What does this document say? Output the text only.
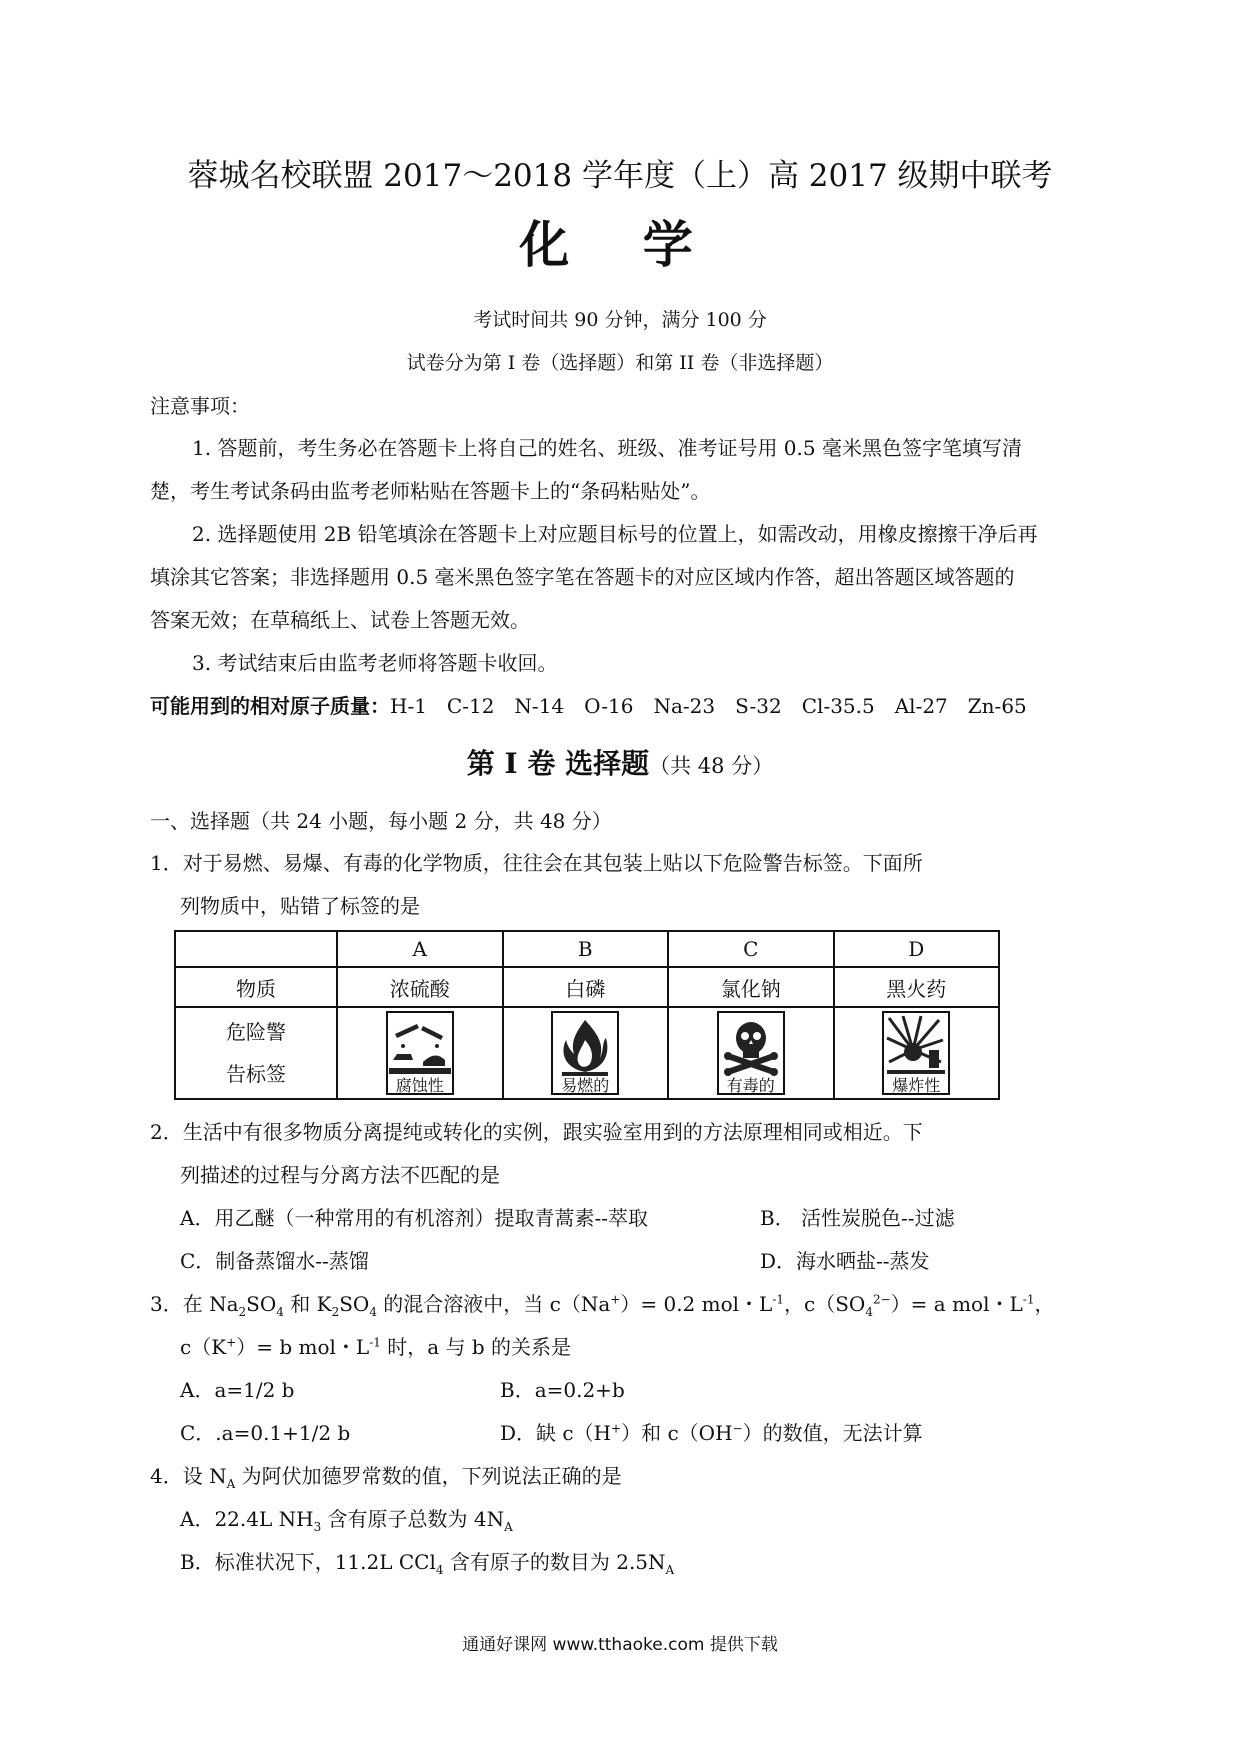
蓉城名校联盟 2017～2018 学年度（上）高 2017 级期中联考
化 学
考试时间共 90 分钟，满分 100 分
试卷分为第 I 卷（选择题）和第 II 卷（非选择题）
注意事项：
1. 答题前，考生务必在答题卡上将自己的姓名、班级、准考证号用 0.5 毫米黑色签字笔填写清
楚，考生考试条码由监考老师粘贴在答题卡上的“条码粘贴处”。
2. 选择题使用 2B 铅笔填涂在答题卡上对应题目标号的位置上，如需改动，用橡皮擦擦干净后再
填涂其它答案；非选择题用 0.5 毫米黑色签字笔在答题卡的对应区域内作答，超出答题区域答题的
答案无效；在草稿纸上、试卷上答题无效。
3. 考试结束后由监考老师将答题卡收回。
可能用到的相对原子质量：H-1　C-12　N-14　O-16　Na-23　S-32　Cl-35.5　Al-27　Zn-65
第 I 卷 选择题（共 48 分）
一、选择题（共 24 小题，每小题 2 分，共 48 分）
1．对于易燃、易爆、有毒的化学物质，往往会在其包装上贴以下危险警告标签。下面所
列物质中，贴错了标签的是
	A	B	C	D
物质	浓硫酸	白磷	氯化钠	黑火药

危险警
告标签	腐蚀性	易燃的	有毒的	爆炸性
2．生活中有很多物质分离提纯或转化的实例，跟实验室用到的方法原理相同或相近。下
列描述的过程与分离方法不匹配的是
A．用乙醚（一种常用的有机溶剂）提取青蒿素--萃取	B． 活性炭脱色--过滤
C．制备蒸馏水--蒸馏	D．海水晒盐--蒸发
3．在 $Na_2SO_4$ 和 $K_2SO_4$ 的混合溶液中，当 c（Na+）= 0.2 mol・$L^{-1}$，$c(SO_4^{2-})= a$ mol・$L^{-1}$，
c（K+）= b mol・$L^{-1}$ 时，a 与 b 的关系是
A．a=1/2 b	B．a=0.2+b
C．.a=0.1+1/2 b	D．缺 c（H+）和 c（OH−）的数值，无法计算
4．设 $N_A$ 为阿伏加德罗常数的值，下列说法正确的是
A．22.4L $NH_3$ 含有原子总数为 $4N_A$
B．标准状况下，11.2L CCl$_4$ 含有原子的数目为 $2.5N_A$
通通好课网 www.tthaoke.com 提供下载
